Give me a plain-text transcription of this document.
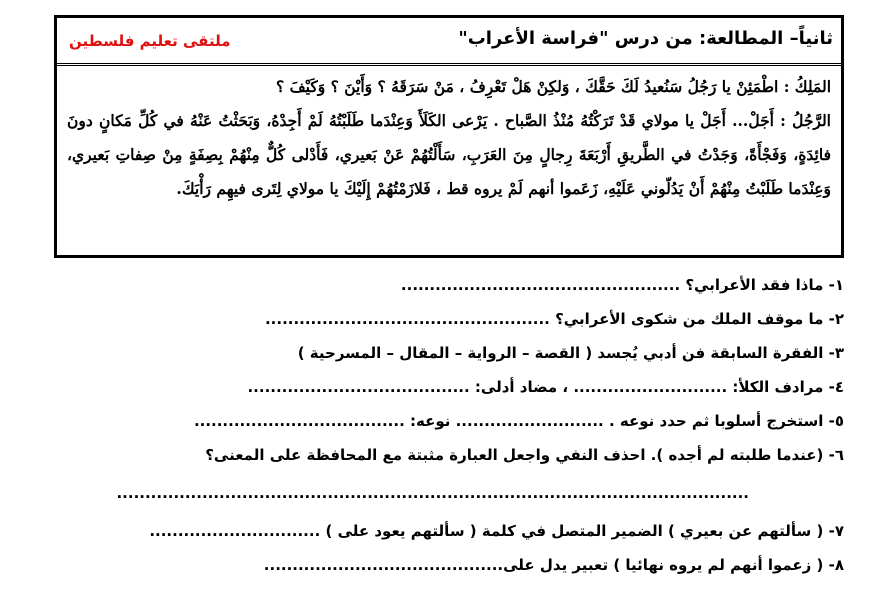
ثانياً– المطالعة: من درس "فراسة الأعراب"
ملتقى تعليم فلسطين

المَلِكُ : اطْمَئِنْ يا رَجُلُ سَنُعيدُ لَكَ حَقَّكَ ، وَلكِنْ هَلْ تَعْرِفُ ، مَنْ سَرَقَهُ ؟ وَأَيْنَ ؟ وَكَيْفَ ؟

الرَّجُلُ : أَجَلْ... أَجَلْ يا مولاي قَدْ تَرَكْتُهُ مُنْذُ الصَّباح . يَرْعى الكَلَأَ وَعِنْدَما طَلَبْتُهُ لَمْ أَجِدْهُ، وَبَحَثْتُ عَنْهُ في كُلِّ مَكانٍ دونَ فائِدَةٍ، وَفَجْأَةً، وَجَدْتُ في الطَّريقِ أَرْبَعَةَ رِجالٍ مِنَ العَرَبِ، سَأَلْتُهُمْ عَنْ بَعيري، فَأَدْلى كُلٌّ مِنْهُمْ بِصِفَةٍ مِنْ صِفاتِ بَعيري، وَعِنْدَما طَلَبْتُ مِنْهُمْ أَنْ يَدُلّوني عَلَيْهِ، زَعَموا أنهم لَمْ يروه قط ، فَلازَمْتُهُمْ إِلَيْكَ يا مولاي لِتَرى فيهِم رَأْيَكَ.

١- ماذا فقد الأعرابي؟ .................................................
٢- ما موقف الملك من شكوى الأعرابي؟ ..................................................
٣- الفقرة السابقة فن أدبي يُجسد ( القصة – الرواية – المقال – المسرحية )
٤- مرادف الكلأ: ........................... ، مضاد أدلى: .......................................
٥- استخرج أسلوبا ثم حدد نوعه . .......................... نوعه: .....................................
٦- (عندما طلبته لم أجده ). احذف النفي واجعل العبارة مثبتة مع المحافظة على المعنى؟
...............................................................................................................
٧- ( سألتهم عن بعيري ) الضمير المتصل في كلمة ( سألتهم يعود على ) ..............................
٨- ( زعموا أنهم لم يروه نهائيا ) تعبير يدل على..........................................
